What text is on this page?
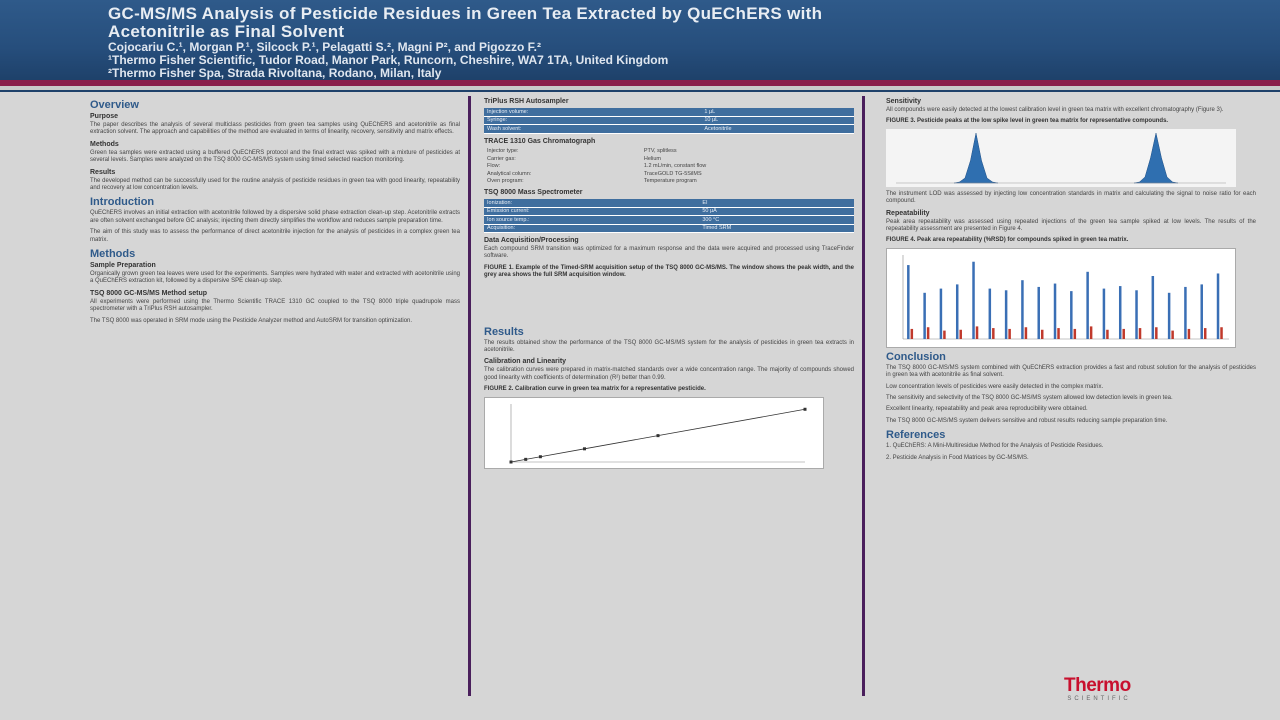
GC-MS/MS Analysis of Pesticide Residues in Green Tea Extracted by QuEChERS with
Acetonitrile as Final Solvent
Cojocariu C.¹, Morgan P.¹, Silcock P.¹, Pelagatti S.², Magni P², and Pigozzo F.²
¹Thermo Fisher Scientific, Tudor Road, Manor Park, Runcorn, Cheshire, WA7 1TA, United Kingdom
²Thermo Fisher Spa, Strada Rivoltana, Rodano, Milan, Italy
Overview
Purpose

The paper describes the analysis of several multiclass pesticides from green tea samples using QuEChERS and acetonitrile as final extraction solvent. The approach and capabilities of the method are evaluated in terms of linearity, recovery, sensitivity and matrix effects.

Methods

Green tea samples were extracted using a buffered QuEChERS protocol and the final extract was spiked with a mixture of pesticides at several levels. Samples were analyzed on the TSQ 8000 GC-MS/MS system using timed selected reaction monitoring.

Results

The developed method can be successfully used for the routine analysis of pesticide residues in green tea with good linearity, repeatability and recovery at low concentration levels.

Introduction

QuEChERS involves an initial extraction with acetonitrile followed by a dispersive solid phase extraction clean-up step. Acetonitrile extracts are often solvent exchanged before GC analysis; injecting them directly simplifies the workflow and reduces sample preparation time.

The aim of this study was to assess the performance of direct acetonitrile injection for the analysis of pesticides in a complex green tea matrix.

Methods
Sample Preparation

Organically grown green tea leaves were used for the experiments. Samples were hydrated with water and extracted with acetonitrile using a QuEChERS extraction kit, followed by a dispersive SPE clean-up step.

TSQ 8000 GC-MS/MS Method setup

All experiments were performed using the Thermo Scientific TRACE 1310 GC coupled to the TSQ 8000 triple quadrupole mass spectrometer with a TriPlus RSH autosampler.

The TSQ 8000 was operated in SRM mode using the Pesticide Analyzer method and AutoSRM for transition optimization.

TriPlus RSH Autosampler
Injection volume:	1 µL
Syringe:	10 µL
Wash solvent:	Acetonitrile
TRACE 1310 Gas Chromatograph
Injector type:	PTV, splitless
Carrier gas:	Helium
Flow:	1.2 mL/min, constant flow
Analytical column:	TraceGOLD TG-5SilMS
Oven program:	Temperature program
TSQ 8000 Mass Spectrometer
Ionization:	EI
Emission current:	50 µA
Ion source temp.:	300 °C
Acquisition:	Timed SRM
Data Acquisition/Processing

Each compound SRM transition was optimized for a maximum response and the data were acquired and processed using TraceFinder software.

FIGURE 1. Example of the Timed-SRM acquisition setup of the TSQ 8000 GC-MS/MS. The window shows the peak width, and the grey area shows the full SRM acquisition window.

Results

The results obtained show the performance of the TSQ 8000 GC-MS/MS system for the analysis of pesticides in green tea extracts in acetonitrile.

Calibration and Linearity

The calibration curves were prepared in matrix-matched standards over a wide concentration range. The majority of compounds showed good linearity with coefficients of determination (R²) better than 0.99.

FIGURE 2. Calibration curve in green tea matrix for a representative pesticide.

Sensitivity

All compounds were easily detected at the lowest calibration level in green tea matrix with excellent chromatography (Figure 3).

FIGURE 3. Pesticide peaks at the low spike level in green tea matrix for representative compounds.

The instrument LOD was assessed by injecting low concentration standards in matrix and calculating the signal to noise ratio for each compound.

Repeatability

Peak area repeatability was assessed using repeated injections of the green tea sample spiked at low levels. The results of the repeatability assessment are presented in Figure 4.

FIGURE 4. Peak area repeatability (%RSD) for compounds spiked in green tea matrix.

Conclusion

The TSQ 8000 GC-MS/MS system combined with QuEChERS extraction provides a fast and robust solution for the analysis of pesticides in green tea with acetonitrile as final solvent.

Low concentration levels of pesticides were easily detected in the complex matrix.

The sensitivity and selectivity of the TSQ 8000 GC-MS/MS system allowed low detection levels in green tea.

Excellent linearity, repeatability and peak area reproducibility were obtained.

The TSQ 8000 GC-MS/MS system delivers sensitive and robust results reducing sample preparation time.

References

1. QuEChERS: A Mini-Multiresidue Method for the Analysis of Pesticide Residues.

2. Pesticide Analysis in Food Matrices by GC-MS/MS.

Thermo
SCIENTIFIC
